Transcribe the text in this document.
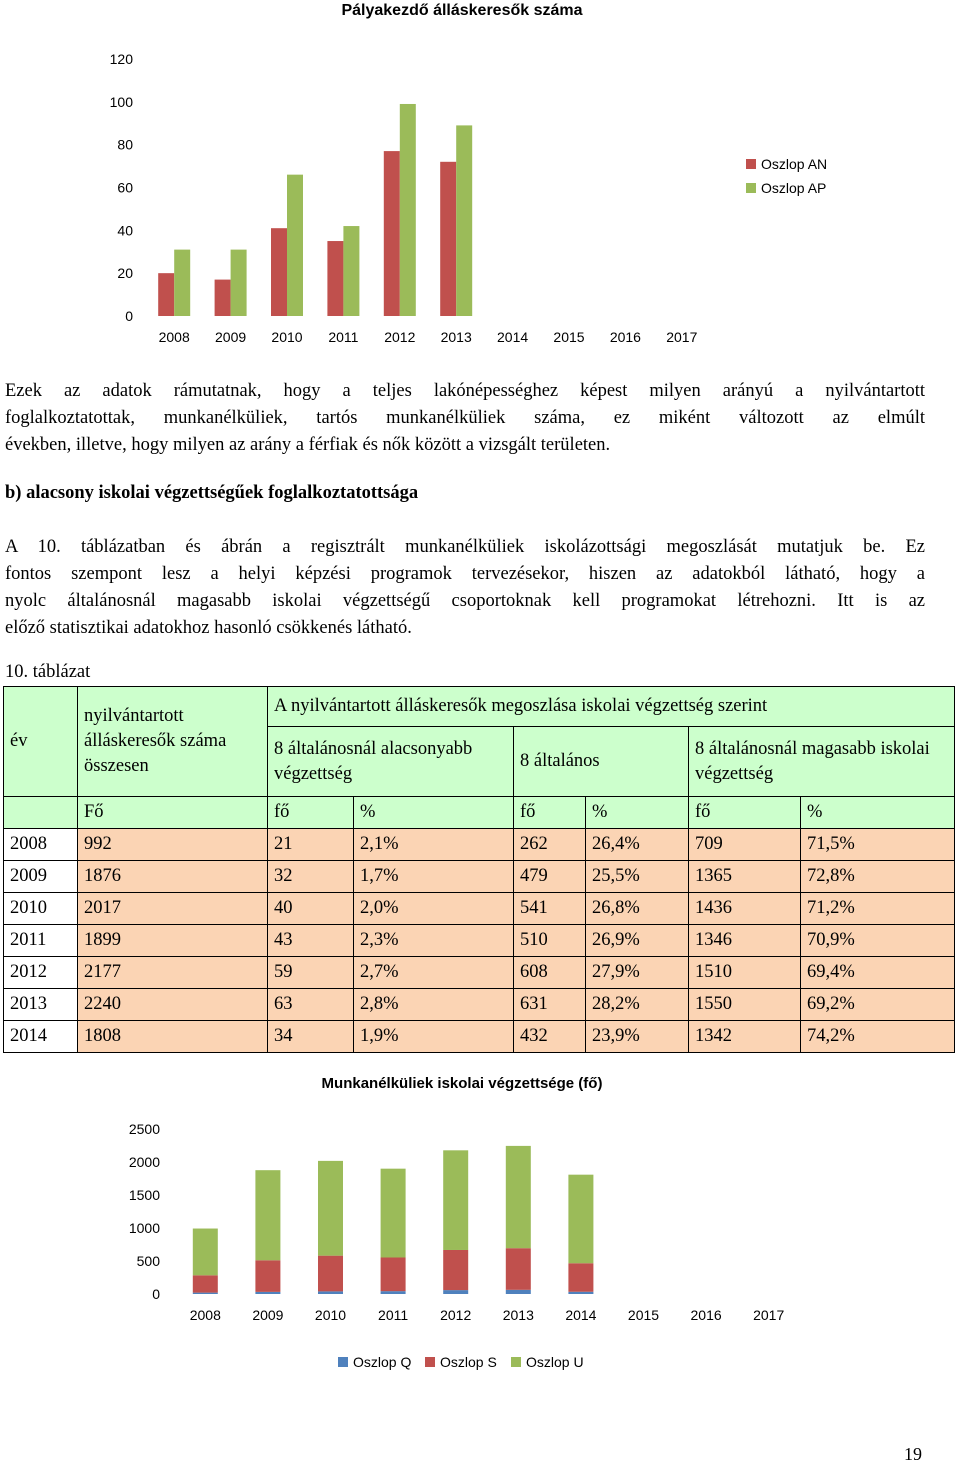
Pályakezdő álláskeresők száma
0
20
40
60
80
100
120
2008 2009 2010 2011 2012 2013 2014 2015 2016 2017
Oszlop AN
Oszlop AP
Ezek az adatok rámutatnak, hogy a teljes lakónépességhez képest milyen arányú a nyilvántartott
foglalkoztatottak, munkanélküliek, tartós munkanélküliek száma, ez miként változott az elmúlt
években, illetve, hogy milyen az arány a férfiak és nők között a vizsgált területen.

b) alacsony iskolai végzettségűek foglalkoztatottsága

A 10. táblázatban és ábrán a regisztrált munkanélküliek iskolázottsági megoszlását mutatjuk be. Ez
fontos szempont lesz a helyi képzési programok tervezésekor, hiszen az adatokból látható, hogy a
nyolc általánosnál magasabb iskolai végzettségű csoportoknak kell programokat létrehozni. Itt is az
előző statisztikai adatokhoz hasonló csökkenés látható.

10. táblázat

év	nyilvántartott álláskeresők száma összesen	A nyilvántartott álláskeresők megoszlása iskolai végzettség szerint					
		8 általánosnál alacsonyabb végzettség		8 általános		8 általánosnál magasabb iskolai végzettség	
	Fő	fő	%	fő	%	fő	%
2008	992	21	2,1%	262	26,4%	709	71,5%
2009	1876	32	1,7%	479	25,5%	1365	72,8%
2010	2017	40	2,0%	541	26,8%	1436	71,2%
2011	1899	43	2,3%	510	26,9%	1346	70,9%
2012	2177	59	2,7%	608	27,9%	1510	69,4%
2013	2240	63	2,8%	631	28,2%	1550	69,2%
2014	1808	34	1,9%	432	23,9%	1342	74,2%
Munkanélküliek iskolai végzettsége (fő)
0
500
1000
1500
2000
2500
2008 2009 2010 2011 2012 2013 2014 2015 2016 2017
Oszlop Q Oszlop S Oszlop U
19
